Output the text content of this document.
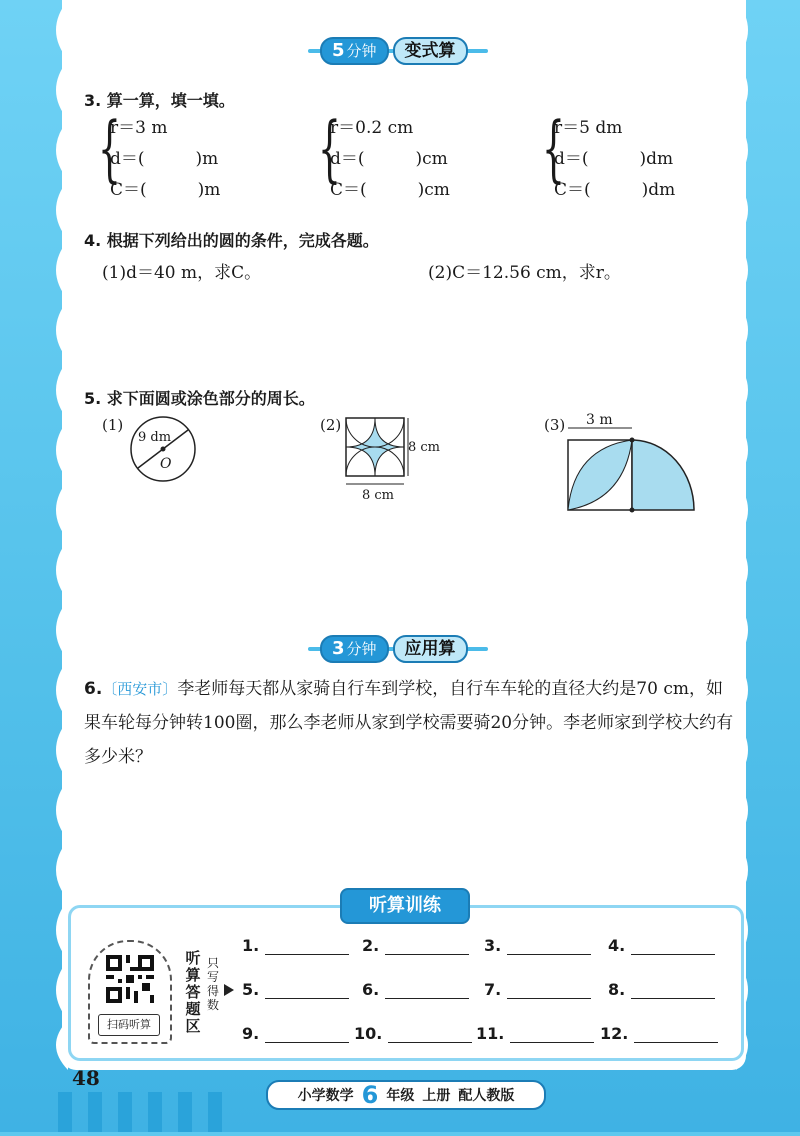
5 分钟	变式算
3. 算一算，填一填。
{
r＝3 m
d＝(　　　)m
C＝(　　　)m {
r＝0.2 cm
d＝(　　　)cm
C＝(　　　)cm {
r＝5 dm
d＝(　　　)dm
C＝(　　　)dm
4. 根据下列给出的圆的条件，完成各题。
(1)d＝40 m，求C。	(2)C＝12.56 cm，求r。
5. 求下面圆或涂色部分的周长。
(1)
9 dm
O
(2)
8 cm
8 cm
(3) 3 m
3 分钟	应用算
6.〔西安市〕李老师每天都从家骑自行车到学校，自行车车轮的直径大约是70 cm，如果车轮每分钟转100圈，那么李老师从家到学校需要骑20分钟。李老师家到学校大约有多少米？
听算训练
扫码听算
听算答题区
只写得数
1.	2.	3.	4.
5.	6.	7.	8.
9.	10.	11.	12.
48
小学数学 6 年级 上册 配人教版
